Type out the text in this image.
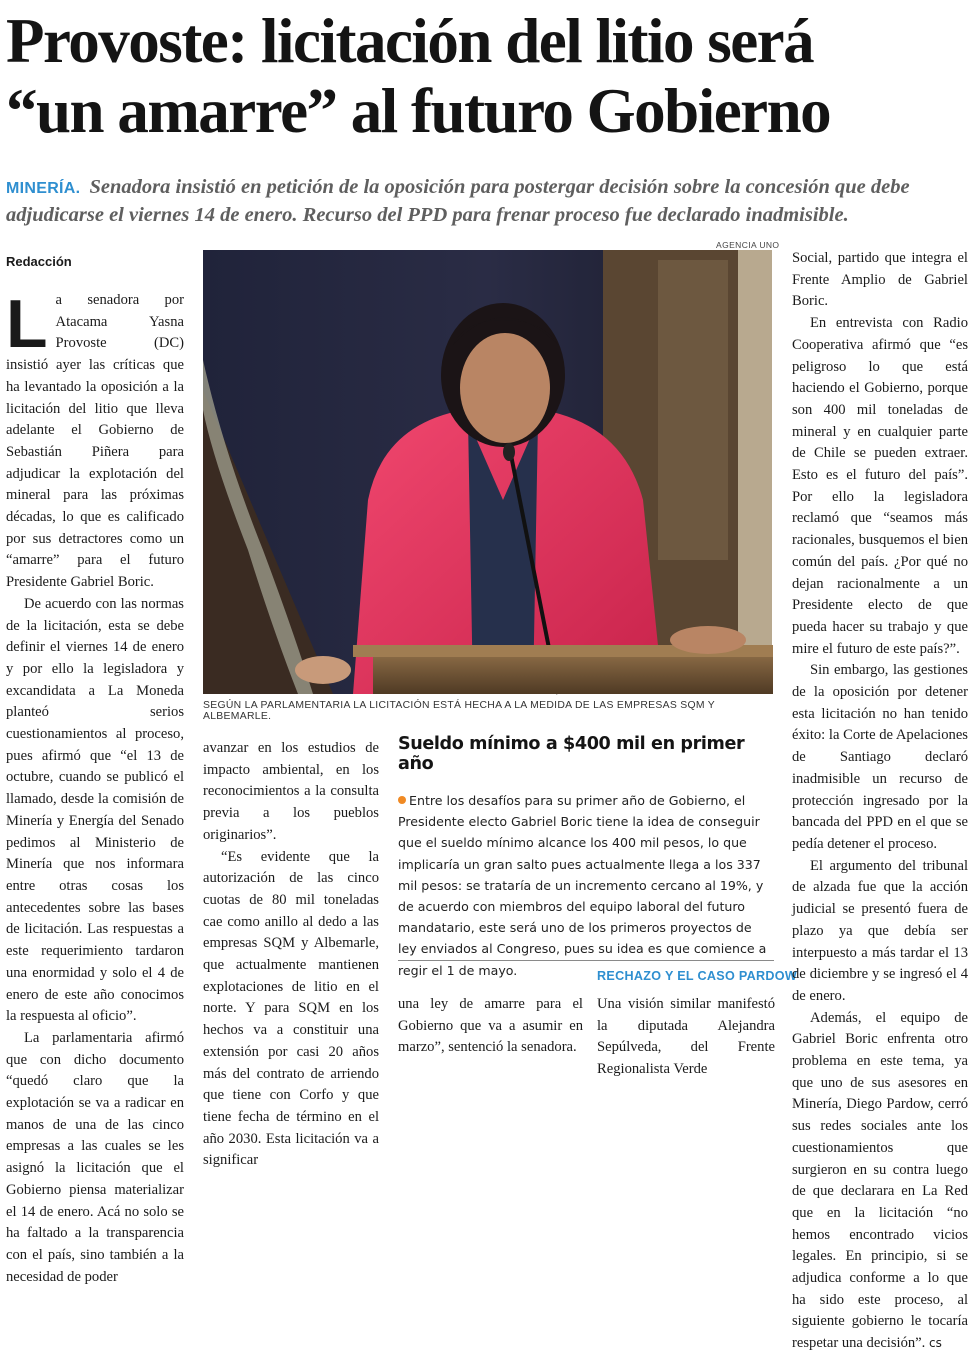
Provoste: licitación del litio será
“un amarre” al futuro Gobierno
MINERÍA. Senadora insistió en petición de la oposición para postergar decisión sobre la concesión que debe adjudicarse el viernes 14 de enero. Recurso del PPD para frenar proceso fue declarado inadmisible.
Redacción

La senadora por Atacama Yasna Provoste (DC) insistió ayer las críticas que ha levantado la oposición a la licitación del litio que lleva adelante el Gobierno de Sebastián Piñera para adjudicar la explotación del mineral para las próximas décadas, lo que es calificado por sus detractores como un “amarre” para el futuro Presidente Gabriel Boric.

De acuerdo con las normas de la licitación, esta se debe definir el viernes 14 de enero y por ello la legisladora y excandidata a La Moneda planteó serios cuestionamientos al proceso, pues afirmó que “el 13 de octubre, cuando se publicó el llamado, desde la comisión de Minería y Energía del Senado pedimos al Ministerio de Minería que nos informara entre otras cosas los antecedentes sobre las bases de licitación. Las respuestas a este requerimiento tardaron una enormidad y solo el 4 de enero de este año conocimos la respuesta al oficio”.

La parlamentaria afirmó que con dicho documento “quedó claro que la explotación se va a radicar en manos de una de las cinco empresas a las cuales se les asignó la licitación que el Gobierno piensa materializar el 14 de enero. Acá no solo se ha faltado a la transparencia con el país, sino también a la necesidad de poder

AGENCIA UNO
SEGÚN LA PARLAMENTARIA LA LICITACIÓN ESTÁ HECHA A LA MEDIDA DE LAS EMPRESAS SQM Y ALBEMARLE.

avanzar en los estudios de impacto ambiental, en los reconocimientos a la consulta previa a los pueblos originarios”.

“Es evidente que la autorización de las cinco cuotas de 80 mil toneladas cae como anillo al dedo a las empresas SQM y Albemarle, que actualmente mantienen explotaciones de litio en el norte. Y para SQM en los hechos va a constituir una extensión por casi 20 años más del contrato de arriendo que tiene con Corfo y que tiene fecha de término en el año 2030. Esta licitación va a significar

Sueldo mínimo a $400 mil en primer año
Entre los desafíos para su primer año de Gobierno, el Presidente electo Gabriel Boric tiene la idea de conseguir que el sueldo mínimo alcance los 400 mil pesos, lo que implicaría un gran salto pues actualmente llega a los 337 mil pesos: se trataría de un incremento cercano al 19%, y de acuerdo con miembros del equipo laboral del futuro mandatario, este será uno de los primeros proyectos de ley enviados al Congreso, pues su idea es que comience a regir el 1 de mayo.

una ley de amarre para el Gobierno que va a asumir en marzo”, sentenció la senadora.

RECHAZO Y EL CASO PARDOW

Una visión similar manifestó la diputada Alejandra Sepúlveda, del Frente Regionalista Verde

Social, partido que integra el Frente Amplio de Gabriel Boric.

En entrevista con Radio Cooperativa afirmó que “es peligroso lo que está haciendo el Gobierno, porque son 400 mil toneladas de mineral y en cualquier parte de Chile se pueden extraer. Esto es el futuro del país”. Por ello la legisladora reclamó que “seamos más racionales, busquemos el bien común del país. ¿Por qué no dejan racionalmente a un Presidente electo de que pueda hacer su trabajo y que mire el futuro de este país?”.

Sin embargo, las gestiones de la oposición por detener esta licitación no han tenido éxito: la Corte de Apelaciones de Santiago declaró inadmisible un recurso de protección ingresado por la bancada del PPD en el que se pedía detener el proceso.

El argumento del tribunal de alzada fue que la acción judicial se presentó fuera de plazo ya que debía ser interpuesto a más tardar el 13 de diciembre y se ingresó el 4 de enero.

Además, el equipo de Gabriel Boric enfrenta otro problema en este tema, ya que uno de sus asesores en Minería, Diego Pardow, cerró sus redes sociales ante los cuestionamientos que surgieron en su contra luego de que declarara en La Red que en la licitación “no hemos encontrado vicios legales. En principio, si se adjudica conforme a lo que ha sido este proceso, al siguiente gobierno le tocaría respetar una decisión”. cs
